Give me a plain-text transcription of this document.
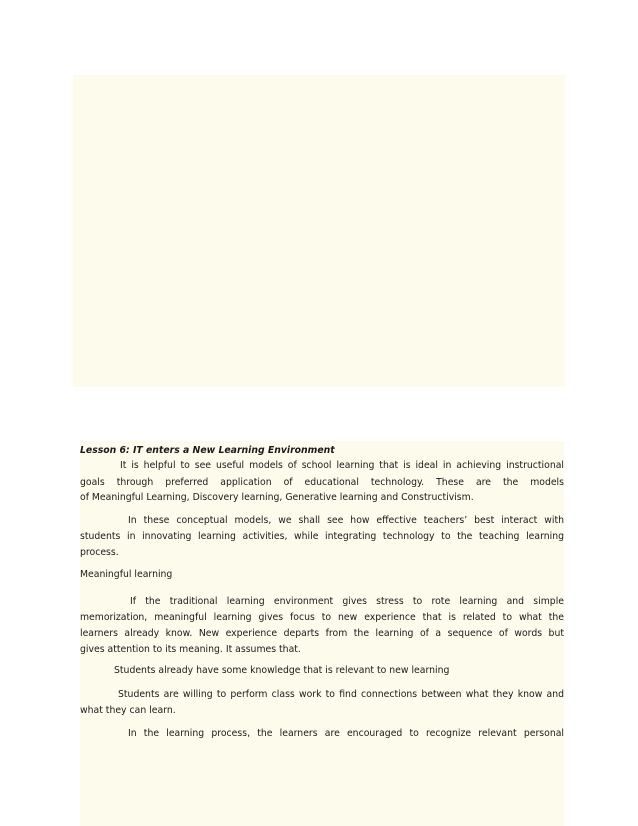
Lesson 6: IT enters a New Learning Environment
It is helpful to see useful models of school learning that is ideal in achieving instructional
goals through preferred application of educational technology. These are the models
of Meaningful Learning, Discovery learning, Generative learning and Constructivism.
In these conceptual models, we shall see how effective teachers’ best interact with
students in innovating learning activities, while integrating technology to the teaching learning
process.
Meaningful learning
If the traditional learning environment gives stress to rote learning and simple
memorization, meaningful learning gives focus to new experience that is related to what the
learners already know. New experience departs from the learning of a sequence of words but
gives attention to its meaning. It assumes that.
Students already have some knowledge that is relevant to new learning
Students are willing to perform class work to find connections between what they know and
what they can learn.
In the learning process, the learners are encouraged to recognize relevant personal
